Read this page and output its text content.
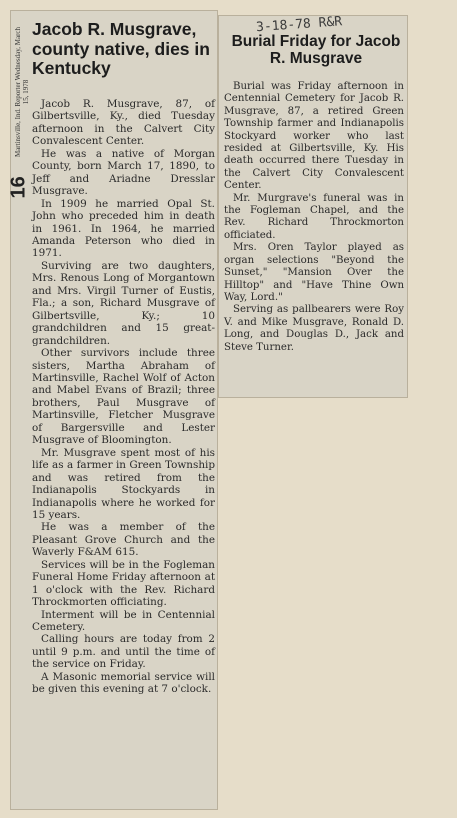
Martinsville, Ind. Reporter Wednesday, March 15, 1978
16
Jacob R. Musgrave, county native, dies in Kentucky

Jacob R. Musgrave, 87, of Gilbertsville, Ky., died Tuesday afternoon in the Calvert City Convalescent Center.

He was a native of Morgan County, born March 17, 1890, to Jeff and Ariadne Dresslar Musgrave.

In 1909 he married Opal St. John who preceded him in death in 1961. In 1964, he married Amanda Peterson who died in 1971.

Surviving are two daughters, Mrs. Renous Long of Morgantown and Mrs. Virgil Turner of Eustis, Fla.; a son, Richard Musgrave of Gilbertsville, Ky.; 10 grandchildren and 15 great-grandchildren.

Other survivors include three sisters, Martha Abraham of Martinsville, Rachel Wolf of Acton and Mabel Evans of Brazil; three brothers, Paul Musgrave of Martinsville, Fletcher Musgrave of Bargersville and Lester Musgrave of Bloomington.

Mr. Musgrave spent most of his life as a farmer in Green Township and was retired from the Indianapolis Stockyards in Indianapolis where he worked for 15 years.

He was a member of the Pleasant Grove Church and the Waverly F&AM 615.

Services will be in the Fogleman Funeral Home Friday afternoon at 1 o'clock with the Rev. Richard Throckmorten officiating.

Interment will be in Centennial Cemetery.

Calling hours are today from 2 until 9 p.m. and until the time of the service on Friday.

A Masonic memorial service will be given this evening at 7 o'clock.

3-18-78 R&R
Burial Friday for Jacob R. Musgrave

Burial was Friday afternoon in Centennial Cemetery for Jacob R. Musgrave, 87, a retired Green Township farmer and Indianapolis Stockyard worker who last resided at Gilbertsville, Ky. His death occurred there Tuesday in the Calvert City Convalescent Center.

Mr. Murgrave's funeral was in the Fogleman Chapel, and the Rev. Richard Throckmorton officiated.

Mrs. Oren Taylor played as organ selections "Beyond the Sunset," "Mansion Over the Hilltop" and "Have Thine Own Way, Lord."

Serving as pallbearers were Roy V. and Mike Musgrave, Ronald D. Long, and Douglas D., Jack and Steve Turner.
